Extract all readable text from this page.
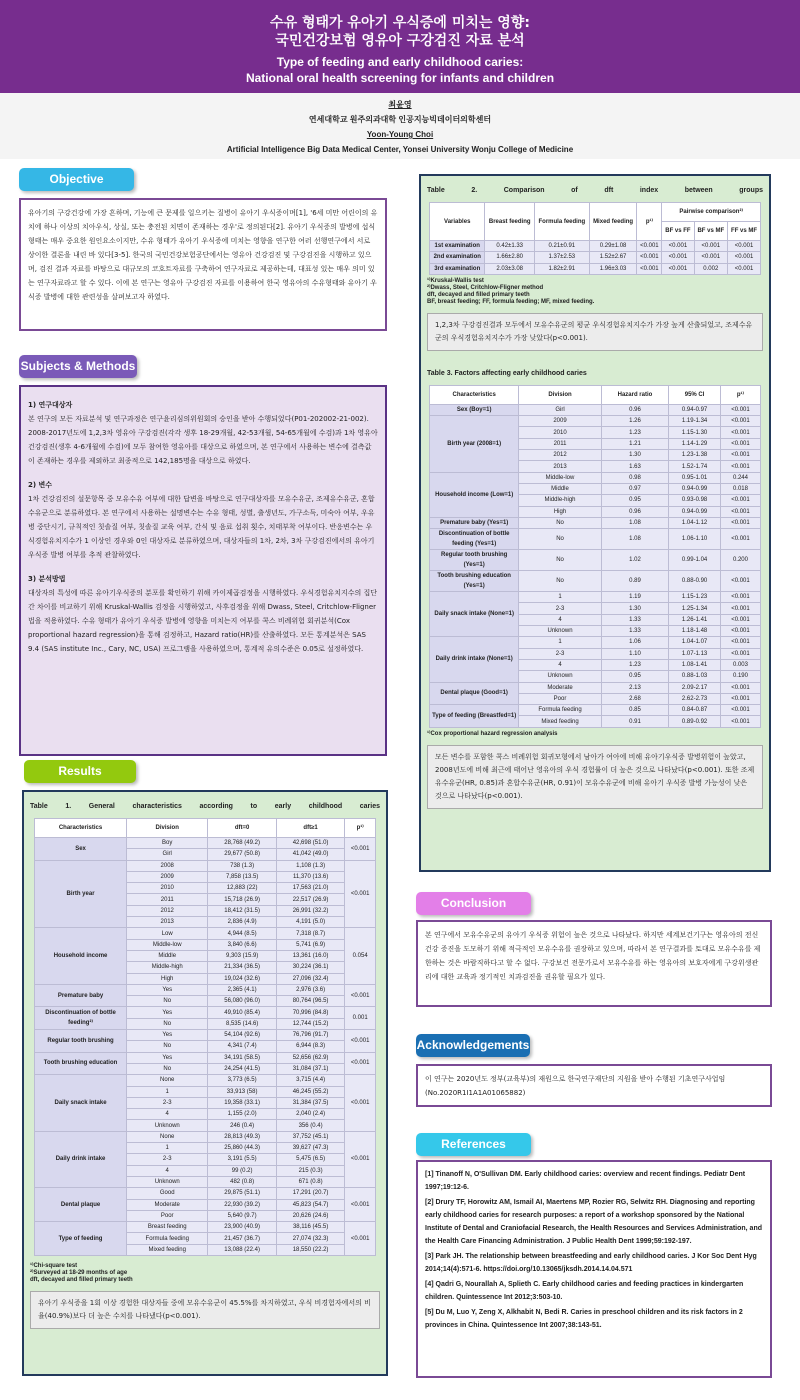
수유 형태가 유아기 우식증에 미치는 영향:
국민건강보험 영유아 구강검진 자료 분석
Type of feeding and early childhood caries:
National oral health screening for infants and children
최윤영
연세대학교 원주의과대학 인공지능빅데이터의학센터
Yoon-Young Choi
Artificial Intelligence Big Data Medical Center, Yonsei University Wonju College of Medicine
Objective
유아기의 구강건강에 가장 흔하며, 기능에 큰 문제를 일으키는 질병이 유아기 우식증이며[1], '6세 미만 어린이의 유치에 하나 이상의 치아우식, 상실, 또는 충전된 치면이 존재하는 경우'로 정의된다[2]. 유아기 우식증의 발병에 섭식형태는 매우 중요한 원인요소이지만, 수유 형태가 유아기 우식증에 미치는 영향을 연구한 여러 선행연구에서 서로 상이한 결론을 내린 바 있다[3-5]. 한국의 국민건강보험공단에서는 영유아 건강검진 및 구강검진을 시행하고 있으며, 검진 결과 자료를 바탕으로 대규모의 코호트자료를 구축하여 연구자료로 제공하는데, 대표성 있는 매우 의미 있는 연구자료라고 할 수 있다. 이에 본 연구는 영유아 구강검진 자료를 이용하여 한국 영유아의 수유형태와 유아기 우식증 발병에 대한 관련성을 살펴보고자 하였다.
Subjects & Methods
1) 연구대상자
본 연구의 모든 자료분석 및 연구과정은 연구윤리심의위원회의 승인을 받아 수행되었다(P01-202002-21-002). 2008-2017년도에 1,2,3차 영유아 구강검진(각각 생후 18-29개월, 42-53개월, 54-65개월에 수검)과 1차 영유아 건강검진(생후 4-6개월에 수검)에 모두 참여한 영유아를 대상으로 하였으며, 본 연구에서 사용하는 변수에 결측값이 존재하는 경우를 제외하고 최종적으로 142,185명을 대상으로 하였다.
2) 변수
1차 건강검진의 설문항목 중 모유수유 여부에 대한 답변을 바탕으로 연구대상자를 모유수유군, 조제유수유군, 혼합수유군으로 분류하였다. 본 연구에서 사용하는 설명변수는 수유 형태, 성별, 출생년도, 가구소득, 미숙아 여부, 우유병 중단시기, 규칙적인 칫솔질 여부, 칫솔질 교육 여부, 간식 및 음료 섭취 횟수, 치태부착 여부이다. 반응변수는 우식경험유치지수가 1 이상인 경우와 0인 대상자로 분류하였으며, 대상자들의 1차, 2차, 3차 구강검진에서의 유아기우식증 발병 여부를 추적 관찰하였다.
3) 분석방법
대상자의 특성에 따른 유아기우식증의 분포를 확인하기 위해 카이제곱검정을 시행하였다. 우식경험유치지수의 집단간 차이를 비교하기 위해 Kruskal-Wallis 검정을 시행하였고, 사후검정을 위해 Dwass, Steel, Critchlow-Fligner 법을 적용하였다. 수유 형태가 유아기 우식증 발병에 영향을 미치는지 여부를 콕스 비례위험 회귀분석(Cox proportional hazard regression)을 통해 검정하고, Hazard ratio(HR)를 산출하였다. 모든 통계분석은 SAS 9.4 (SAS institute Inc., Cary, NC, USA) 프로그램을 사용하였으며, 통계적 유의수준은 0.05로 설정하였다.
Results
Table 1. General characteristics according to early childhood caries
Characteristics	Division	dft=0	dft≥1	p¹⁾
Sex	Boy	28,768 (49.2)	42,698 (51.0)	<0.001
	Girl	29,677 (50.8)	41,042 (49.0)	
Birth year	2008	738 (1.3)	1,108 (1.3)	<0.001
	2009	7,858 (13.5)	11,370 (13.6)	
	2010	12,883 (22)	17,563 (21.0)	
	2011	15,718 (26.9)	22,517 (26.9)	
	2012	18,412 (31.5)	26,991 (32.2)	
	2013	2,836 (4.9)	4,191 (5.0)	
Household income	Low	4,944 (8.5)	7,318 (8.7)	0.054
	Middle-low	3,840 (6.6)	5,741 (6.9)	
	Middle	9,303 (15.9)	13,361 (16.0)	
	Middle-high	21,334 (36.5)	30,224 (36.1)	
	High	19,024 (32.6)	27,096 (32.4)	
Premature baby	Yes	2,365 (4.1)	2,976 (3.6)	<0.001
	No	56,080 (96.0)	80,764 (96.5)	
Discontinuation of bottle feeding²⁾	Yes	49,910 (85.4)	70,996 (84.8)	0.001
	No	8,535 (14.6)	12,744 (15.2)	
Regular tooth brushing	Yes	54,104 (92.6)	76,796 (91.7)	<0.001
	No	4,341 (7.4)	6,944 (8.3)	
Tooth brushing education	Yes	34,191 (58.5)	52,656 (62.9)	<0.001
	No	24,254 (41.5)	31,084 (37.1)	
Daily snack intake	None	3,773 (6.5)	3,715 (4.4)	<0.001
	1	33,913 (58)	46,245 (55.2)	
	2-3	19,358 (33.1)	31,384 (37.5)	
	4	1,155 (2.0)	2,040 (2.4)	
	Unknown	246 (0.4)	356 (0.4)	
Daily drink intake	None	28,813 (49.3)	37,752 (45.1)	<0.001
	1	25,860 (44.3)	39,627 (47.3)	
	2-3	3,191 (5.5)	5,475 (6.5)	
	4	99 (0.2)	215 (0.3)	
	Unknown	482 (0.8)	671 (0.8)	
Dental plaque	Good	29,875 (51.1)	17,291 (20.7)	<0.001
	Moderate	22,930 (39.2)	45,823 (54.7)	
	Poor	5,640 (9.7)	20,626 (24.6)	
Type of feeding	Breast feeding	23,900 (40.9)	38,116 (45.5)	<0.001
	Formula feeding	21,457 (36.7)	27,074 (32.3)	
	Mixed feeding	13,088 (22.4)	18,550 (22.2)	
¹⁾Chi-square test
²⁾Surveyed at 18-29 months of age
dft, decayed and filled primary teeth
유아기 우식증을 1회 이상 경험한 대상자들 중에 모유수유군이 45.5%를 차지하였고, 우식 비경험자에서의 비율(40.9%)보다 더 높은 수치를 나타냈다(p<0.001).
Table 2. Comparison of dft index between groups
Variables	Breast feeding	Formula feeding	Mixed feeding	p¹⁾	Pairwise comparison²⁾		
					BF vs FF	BF vs MF	FF vs MF
1st examination	0.42±1.33	0.21±0.91	0.29±1.08	<0.001	<0.001	<0.001	<0.001
2nd examination	1.66±2.80	1.37±2.53	1.52±2.67	<0.001	<0.001	<0.001	<0.001
3rd examination	2.03±3.08	1.82±2.91	1.96±3.03	<0.001	<0.001	0.002	<0.001
¹⁾Kruskal-Wallis test
²⁾Dwass, Steel, Critchlow-Fligner method
dft, decayed and filled primary teeth
BF, breast feeding; FF, formula feeding; MF, mixed feeding.
1,2,3차 구강검진결과 모두에서 모유수유군의 평균 우식경험유치지수가 가장 높게 산출되었고, 조제수유군의 우식경험유치지수가 가장 낮았다(p<0.001).
Table 3. Factors affecting early childhood caries
Characteristics	Division	Hazard ratio	95% CI	p¹⁾
Sex (Boy=1)	Girl	0.96	0.94-0.97	<0.001
Birth year (2008=1)	2009	1.26	1.19-1.34	<0.001
	2010	1.23	1.15-1.30	<0.001
	2011	1.21	1.14-1.29	<0.001
	2012	1.30	1.23-1.38	<0.001
	2013	1.63	1.52-1.74	<0.001
Household income (Low=1)	Middle-low	0.98	0.95-1.01	0.244
	Middle	0.97	0.94-0.99	0.018
	Middle-high	0.95	0.93-0.98	<0.001
	High	0.96	0.94-0.99	<0.001
Premature baby (Yes=1)	No	1.08	1.04-1.12	<0.001
Discontinuation of bottle feeding (Yes=1)	No	1.08	1.06-1.10	<0.001
Regular tooth brushing (Yes=1)	No	1.02	0.99-1.04	0.200
Tooth brushing education (Yes=1)	No	0.89	0.88-0.90	<0.001
Daily snack intake (None=1)	1	1.19	1.15-1.23	<0.001
	2-3	1.30	1.25-1.34	<0.001
	4	1.33	1.26-1.41	<0.001
	Unknown	1.33	1.18-1.48	<0.001
Daily drink intake (None=1)	1	1.06	1.04-1.07	<0.001
	2-3	1.10	1.07-1.13	<0.001
	4	1.23	1.08-1.41	0.003
	Unknown	0.95	0.88-1.03	0.190
Dental plaque (Good=1)	Moderate	2.13	2.09-2.17	<0.001
	Poor	2.68	2.62-2.73	<0.001
Type of feeding (Breastfed=1)	Formula feeding	0.85	0.84-0.87	<0.001
	Mixed feeding	0.91	0.89-0.92	<0.001
¹⁾Cox proportional hazard regression analysis
모든 변수를 포함한 콕스 비례위험 회귀모형에서 남아가 여아에 비해 유아기우식증 발병위험이 높았고, 2008년도에 비해 최근에 태어난 영유아의 우식 경험률이 더 높은 것으로 나타났다(p<0.001). 또한 조제유수유군(HR, 0.85)과 혼합수유군(HR, 0.91)이 모유수유군에 비해 유아기 우식증 발병 가능성이 낮은 것으로 나타났다(p<0.001).
Conclusion
본 연구에서 모유수유군의 유아기 우식증 위험이 높은 것으로 나타났다. 하지만 세계보건기구는 영유아의 전신건강 증진을 도모하기 위해 적극적인 모유수유를 권장하고 있으며, 따라서 본 연구결과를 토대로 모유수유를 제한하는 것은 바람직하다고 할 수 없다. 구강보건 전문가로서 모유수유를 하는 영유아의 보호자에게 구강위생관리에 대한 교육과 정기적인 치과검진을 권유할 필요가 있다.
Acknowledgements
이 연구는 2020년도 정부(교육부)의 재원으로 한국연구재단의 지원을 받아 수행된 기초연구사업임 (No.2020R1I1A1A01065882)
References

[1] Tinanoff N, O'Sullivan DM. Early childhood caries: overview and recent findings. Pediatr Dent 1997;19:12-6.

[2] Drury TF, Horowitz AM, Ismail AI, Maertens MP, Rozier RG, Selwitz RH. Diagnosing and reporting early childhood caries for research purposes: a report of a workshop sponsored by the National Institute of Dental and Craniofacial Research, the Health Resources and Services Administration, and the Health Care Financing Administration. J Public Health Dent 1999;59:192-197.

[3] Park JH. The relationship between breastfeeding and early childhood caries. J Kor Soc Dent Hyg 2014;14(4):571-6. https://doi.org/10.13065/jksdh.2014.14.04.571

[4] Qadri G, Nourallah A, Splieth C. Early childhood caries and feeding practices in kindergarten children. Quintessence Int 2012;3:503-10.

[5] Du M, Luo Y, Zeng X, Alkhabit N, Bedi R. Caries in preschool children and its risk factors in 2 provinces in China. Quintessence Int 2007;38:143-51.
